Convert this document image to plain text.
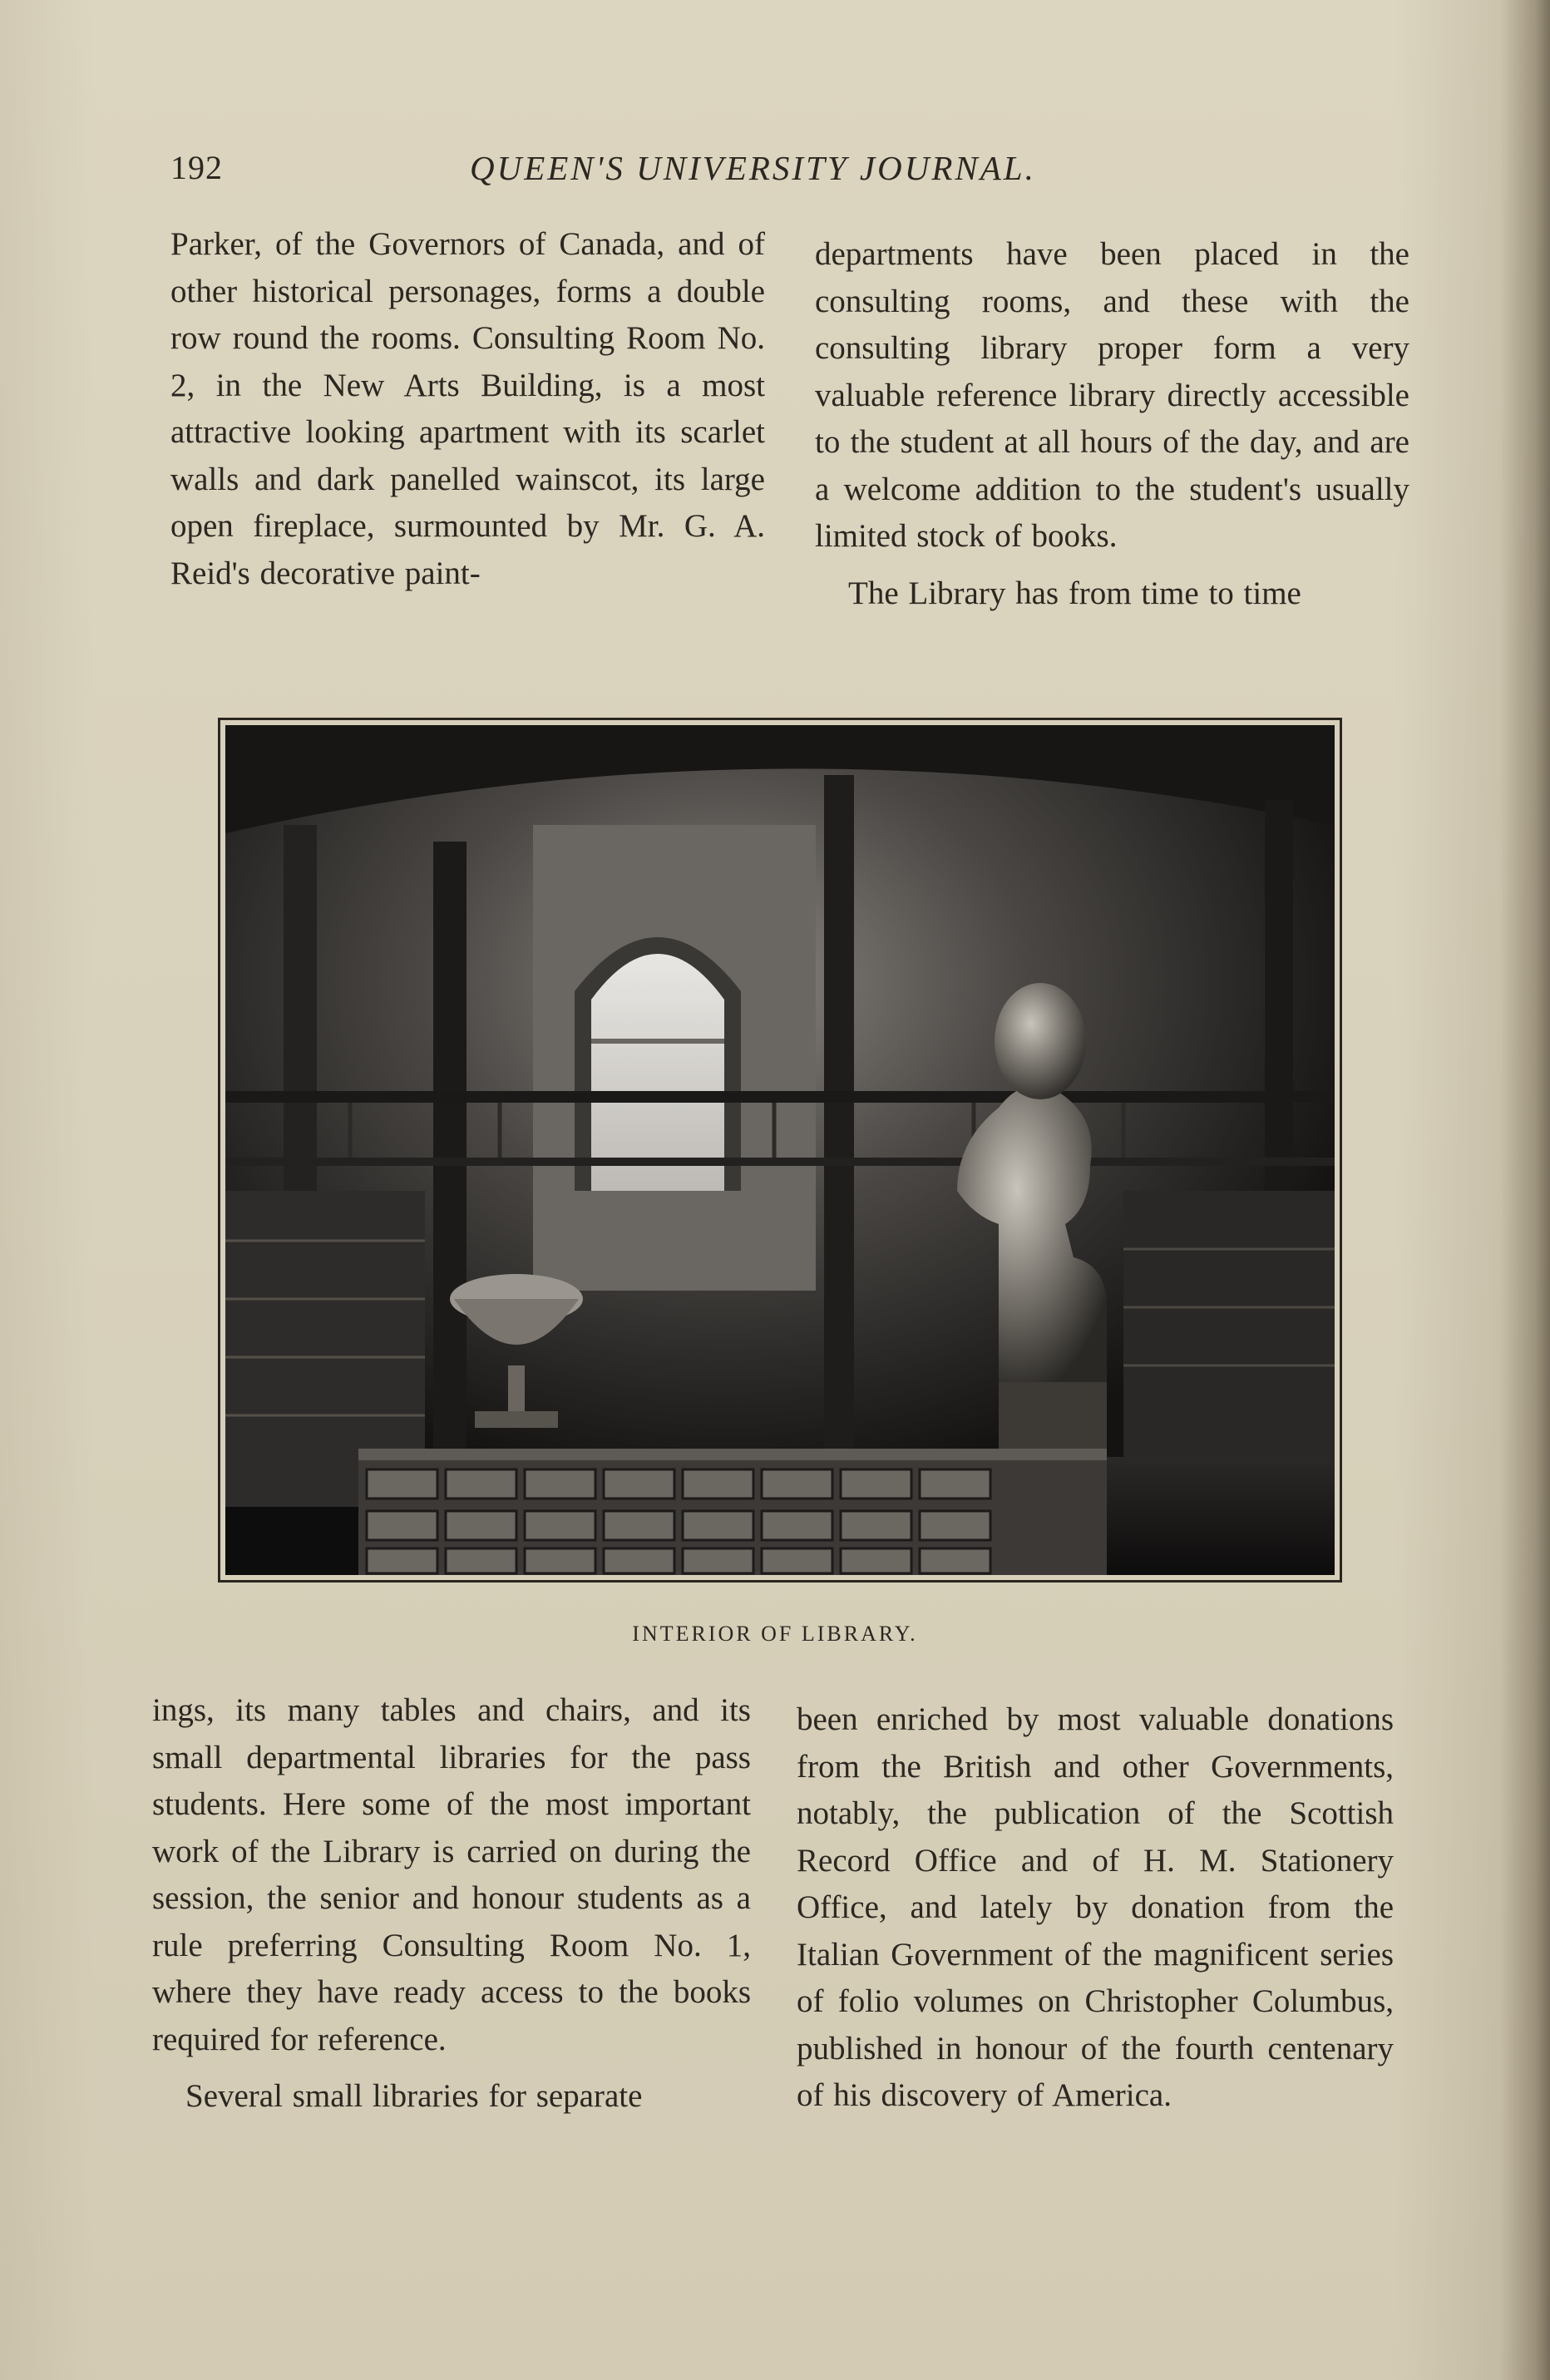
192	QUEEN'S UNIVERSITY JOURNAL.

Parker, of the Governors of Canada, and of other historical personages, forms a double row round the rooms. Consulting Room No. 2, in the New Arts Building, is a most attractive looking apartment with its scarlet walls and dark panelled wainscot, its large open fireplace, surmounted by Mr. G. A. Reid's decorative paint-

departments have been placed in the consulting rooms, and these with the consulting library proper form a very valuable reference library directly accessible to the student at all hours of the day, and are a welcome addition to the student's usually limited stock of books.

The Library has from time to time

INTERIOR OF LIBRARY.

ings, its many tables and chairs, and its small departmental libraries for the pass students. Here some of the most important work of the Library is carried on during the session, the senior and honour students as a rule preferring Consulting Room No. 1, where they have ready access to the books required for reference.

Several small libraries for separate

been enriched by most valuable donations from the British and other Governments, notably, the publication of the Scottish Record Office and of H. M. Stationery Office, and lately by donation from the Italian Government of the magnificent series of folio volumes on Christopher Columbus, published in honour of the fourth centenary of his discovery of America.
